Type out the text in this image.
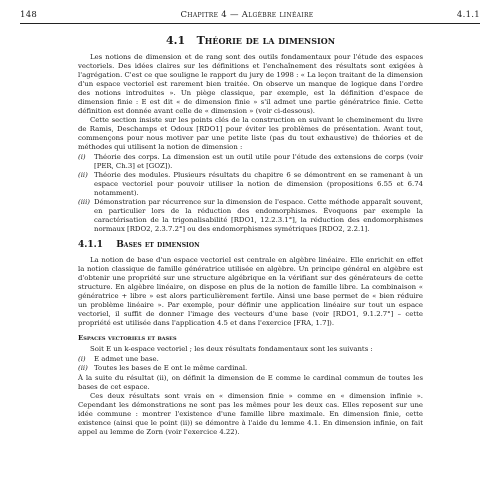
148	Chapitre 4 — Algèbre linéaire	4.1.1
4.1 Théorie de la dimension

Les notions de dimension et de rang sont des outils fondamentaux pour l'étude des espaces vectoriels. Des idées claires sur les définitions et l'enchaînement des résultats sont exigées à l'agrégation. C'est ce que souligne le rapport du jury de 1998 : « La leçon traitant de la dimension d'un espace vectoriel est rarement bien traitée. On observe un manque de logique dans l'ordre des notions introduites ». Un piège classique, par exemple, est la définition d'espace de dimension finie : E est dit « de dimension finie » s'il admet une partie génératrice finie. Cette définition est donnée avant celle de « dimension » (voir ci-dessous).

Cette section insiste sur les points clés de la construction en suivant le cheminement du livre de Ramis, Deschamps et Odoux [RDO1] pour éviter les problèmes de présentation. Avant tout, commençons pour nous motiver par une petite liste (pas du tout exhaustive) de théories et de méthodes qui utilisent la notion de dimension :

(i)	Théorie des corps. La dimension est un outil utile pour l'étude des extensions de corps (voir [PER, Ch.3] et [GOZ]).
(ii) Théorie des modules. Plusieurs résultats du chapitre 6 se démontrent en se ramenant à un espace vectoriel pour pouvoir utiliser la notion de dimension (propositions 6.55 et 6.74 notamment).
(iii) Démonstration par récurrence sur la dimension de l'espace. Cette méthode apparaît souvent, en particulier lors de la réduction des endomorphismes. Évoquons par exemple la caractérisation de la trigonalisabilité [RDO1, 12.2.3.1°], la réduction des endomorphismes normaux [RDO2, 2.3.7.2°] ou des endomorphismes symétriques [RDO2, 2.2.1].
4.1.1 Bases et dimension

La notion de base d'un espace vectoriel est centrale en algèbre linéaire. Elle enrichit en effet la notion classique de famille génératrice utilisée en algèbre. Un principe général en algèbre est d'obtenir une propriété sur une structure algébrique en la vérifiant sur des générateurs de cette structure. En algèbre linéaire, on dispose en plus de la notion de famille libre. La combinaison « génératrice + libre » est alors particulièrement fertile. Ainsi une base permet de « bien réduire un problème linéaire ». Par exemple, pour définir une application linéaire sur tout un espace vectoriel, il suffit de donner l'image des vecteurs d'une base (voir [RDO1, 9.1.2.7°] – cette propriété est utilisée dans l'application 4.5 et dans l'exercice [FRA, 1.7]).

Espaces vectoriels et bases

Soit E un k-espace vectoriel ; les deux résultats fondamentaux sont les suivants :

(i)	E admet une base.
(ii) Toutes les bases de E ont le même cardinal.

À la suite du résultat (ii), on définit la dimension de E comme le cardinal commun de toutes les bases de cet espace.

Ces deux résultats sont vrais en « dimension finie » comme en « dimension infinie ». Cependant les démonstrations ne sont pas les mêmes pour les deux cas. Elles reposent sur une idée commune : montrer l'existence d'une famille libre maximale. En dimension finie, cette existence (ainsi que le point (ii)) se démontre à l'aide du lemme 4.1. En dimension infinie, on fait appel au lemme de Zorn (voir l'exercice 4.22).
